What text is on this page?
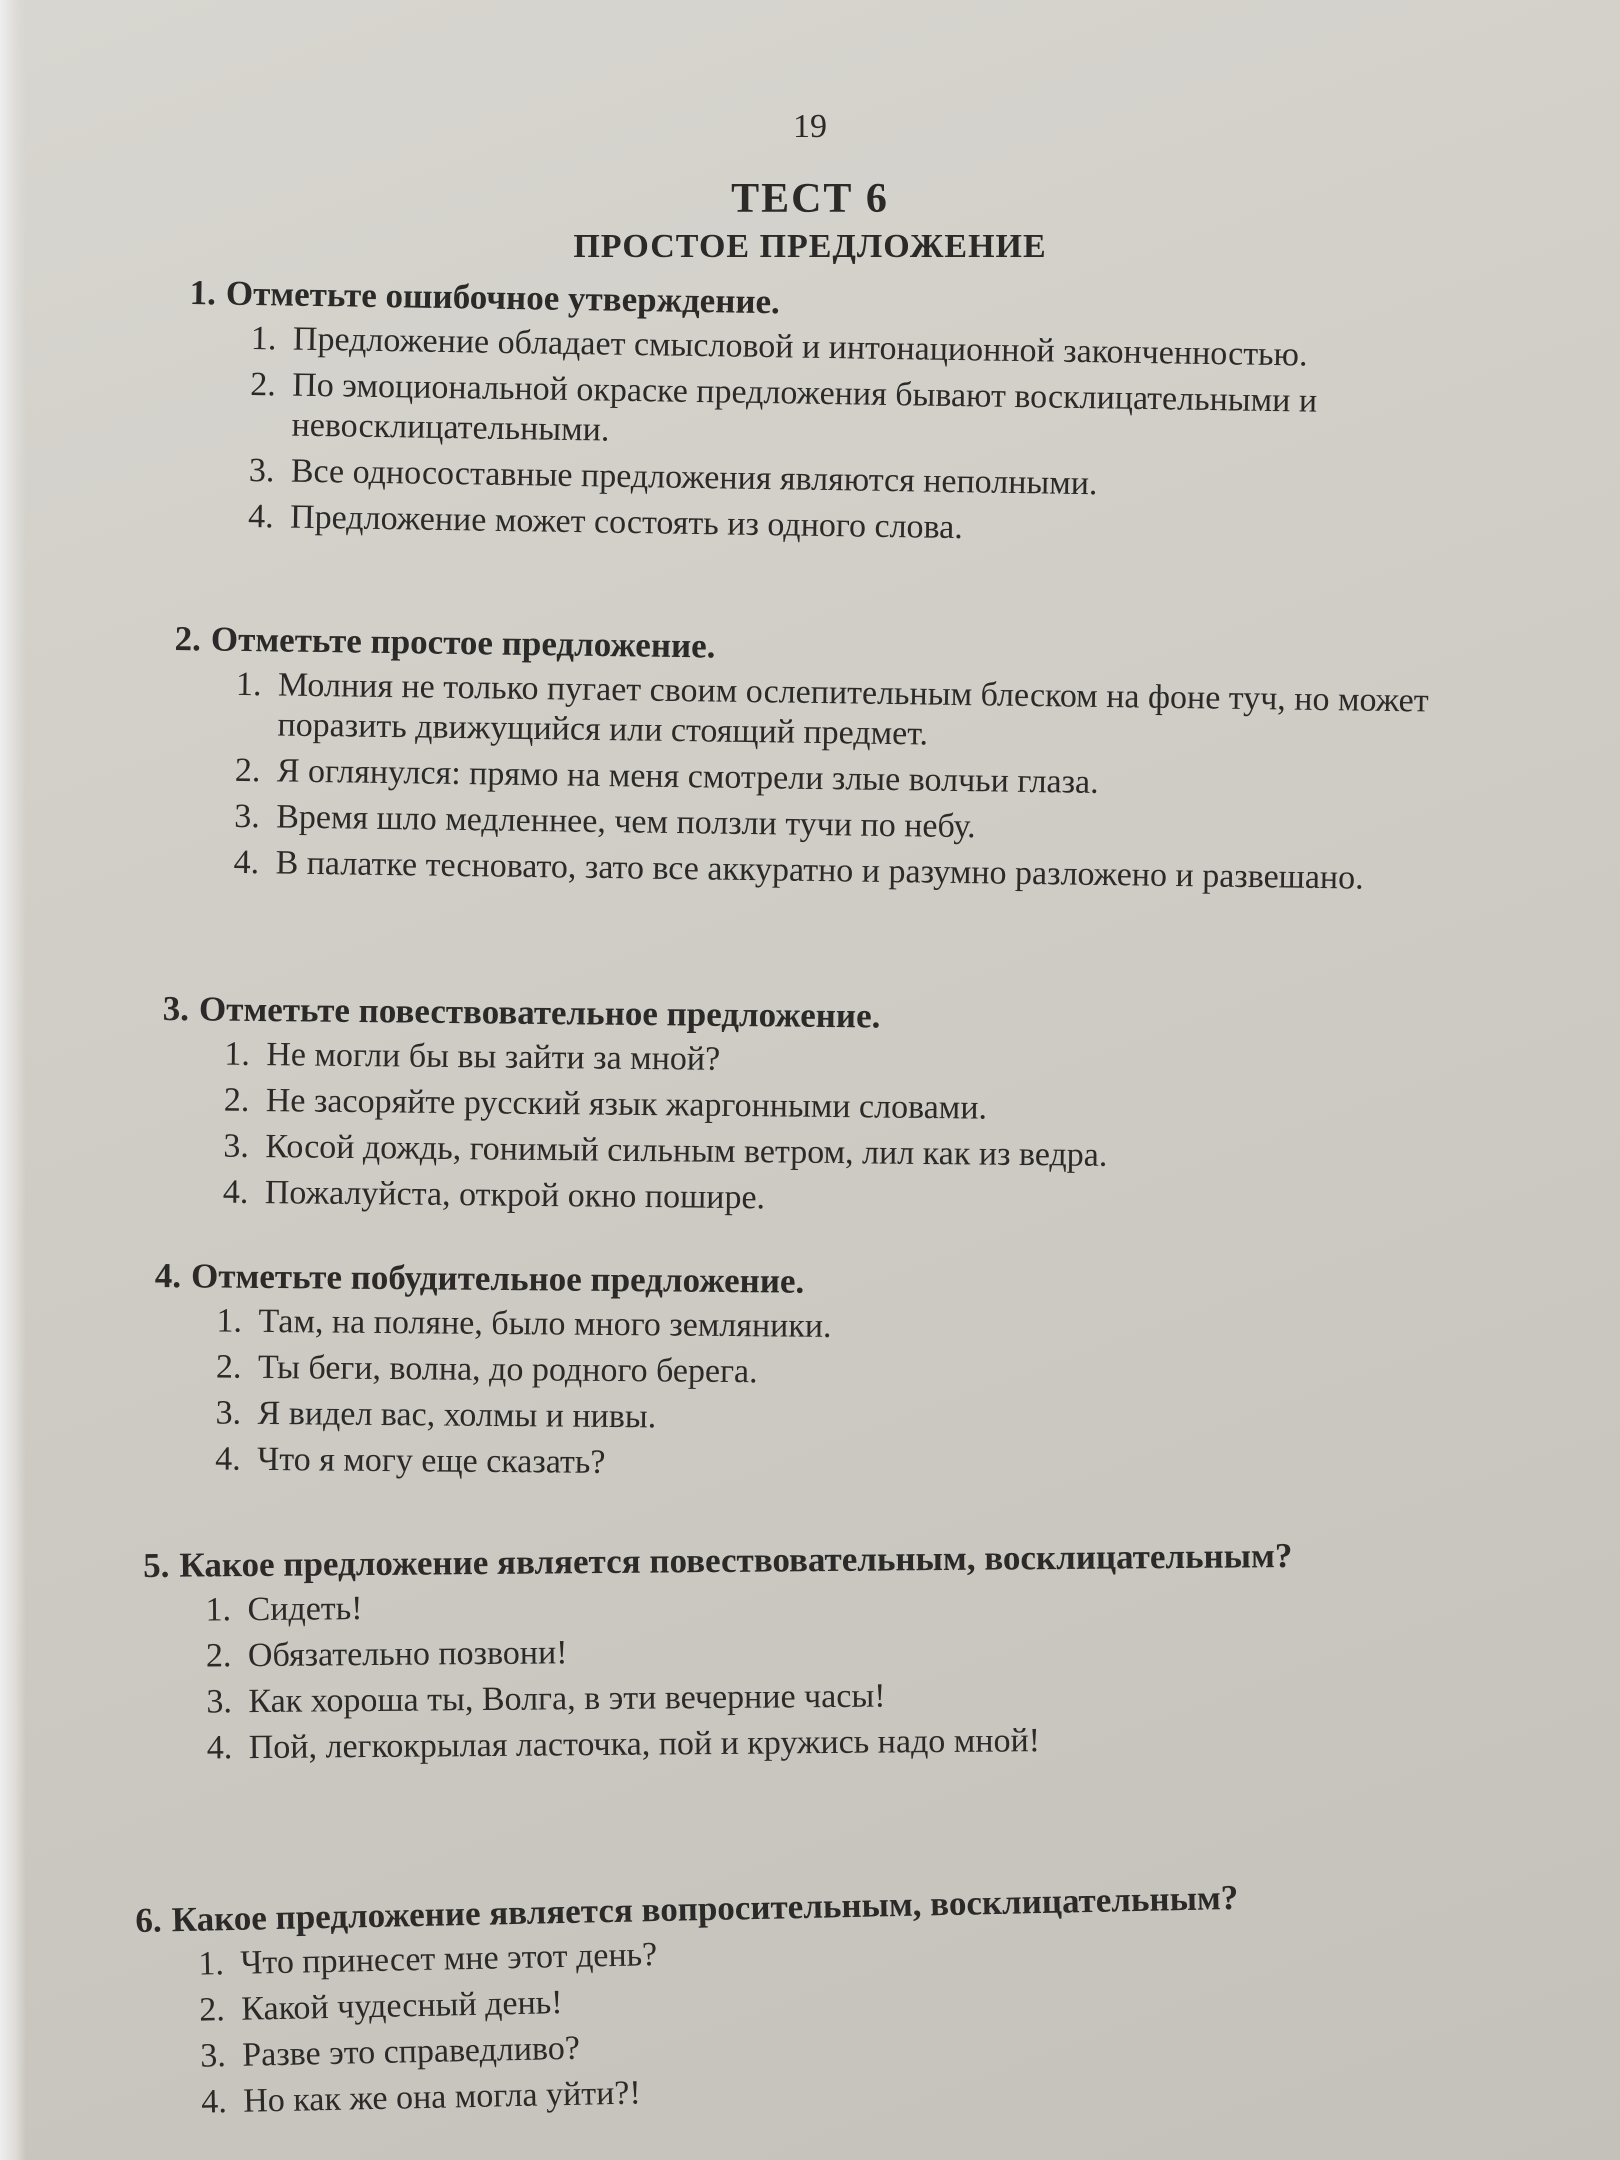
19
ТЕСТ 6
ПРОСТОЕ ПРЕДЛОЖЕНИЕ
1. Отметьте ошибочное утверждение.
1. Предложение обладает смысловой и интонационной законченностью.
2. По эмоциональной окраске предложения бывают восклицательными и невосклицательными.
3. Все односоставные предложения являются неполными.
4. Предложение может состоять из одного слова.
2. Отметьте простое предложение.
1. Молния не только пугает своим ослепительным блеском на фоне туч, но может поразить движущийся или стоящий предмет.
2. Я оглянулся: прямо на меня смотрели злые волчьи глаза.
3. Время шло медленнее, чем ползли тучи по небу.
4. В палатке тесновато, зато все аккуратно и разумно разложено и развешано.
3. Отметьте повествовательное предложение.
1. Не могли бы вы зайти за мной?
2. Не засоряйте русский язык жаргонными словами.
3. Косой дождь, гонимый сильным ветром, лил как из ведра.
4. Пожалуйста, открой окно пошире.
4. Отметьте побудительное предложение.
1. Там, на поляне, было много земляники.
2. Ты беги, волна, до родного берега.
3. Я видел вас, холмы и нивы.
4. Что я могу еще сказать?
5. Какое предложение является повествовательным, восклицательным?
1. Сидеть!
2. Обязательно позвони!
3. Как хороша ты, Волга, в эти вечерние часы!
4. Пой, легкокрылая ласточка, пой и кружись надо мной!
6. Какое предложение является вопросительным, восклицательным?
1. Что принесет мне этот день?
2. Какой чудесный день!
3. Разве это справедливо?
4. Но как же она могла уйти?!
